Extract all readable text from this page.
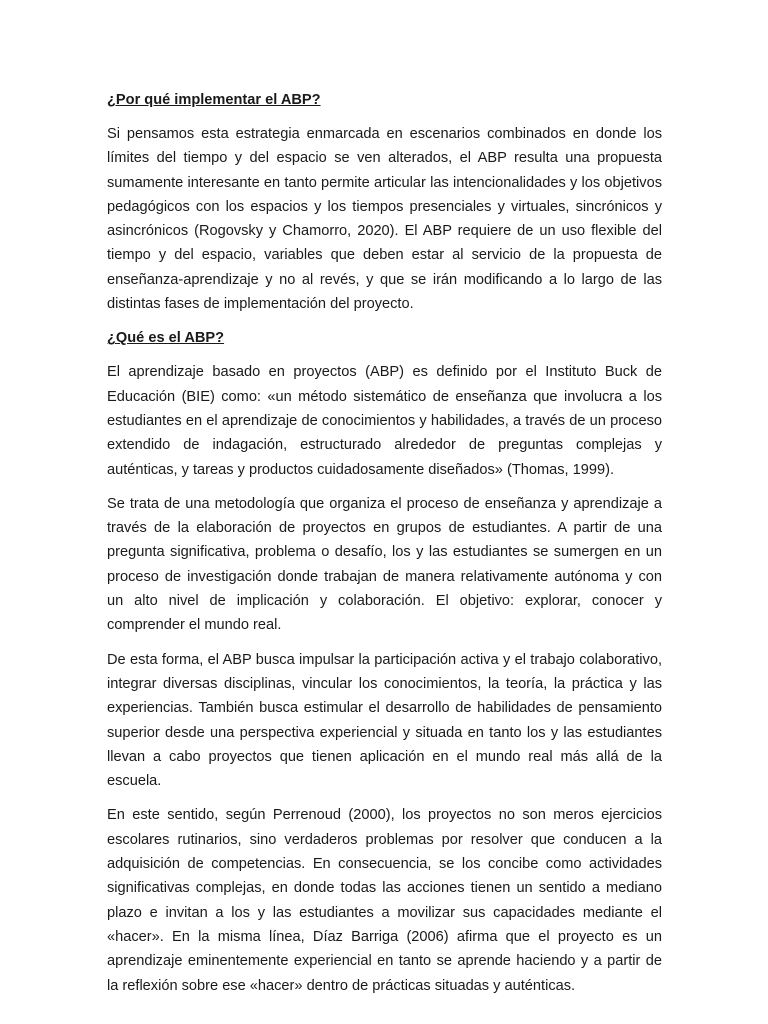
¿Por qué implementar el ABP?

Si pensamos esta estrategia enmarcada en escenarios combinados en donde los límites del tiempo y del espacio se ven alterados, el ABP resulta una propuesta sumamente interesante en tanto permite articular las intencionalidades y los objetivos pedagógicos con los espacios y los tiempos presenciales y virtuales, sincrónicos y asincrónicos (Rogovsky y Chamorro, 2020). El ABP requiere de un uso flexible del tiempo y del espacio, variables que deben estar al servicio de la propuesta de enseñanza-aprendizaje y no al revés, y que se irán modificando a lo largo de las distintas fases de implementación del proyecto.

¿Qué es el ABP?

El aprendizaje basado en proyectos (ABP) es definido por el Instituto Buck de Educación (BIE) como: «un método sistemático de enseñanza que involucra a los estudiantes en el aprendizaje de conocimientos y habilidades, a través de un proceso extendido de indagación, estructurado alrededor de preguntas complejas y auténticas, y tareas y productos cuidadosamente diseñados» (Thomas, 1999).

Se trata de una metodología que organiza el proceso de enseñanza y aprendizaje a través de la elaboración de proyectos en grupos de estudiantes. A partir de una pregunta significativa, problema o desafío, los y las estudiantes se sumergen en un proceso de investigación donde trabajan de manera relativamente autónoma y con un alto nivel de implicación y colaboración. El objetivo: explorar, conocer y comprender el mundo real.

De esta forma, el ABP busca impulsar la participación activa y el trabajo colaborativo, integrar diversas disciplinas, vincular los conocimientos, la teoría, la práctica y las experiencias. También busca estimular el desarrollo de habilidades de pensamiento superior desde una perspectiva experiencial y situada en tanto los y las estudiantes llevan a cabo proyectos que tienen aplicación en el mundo real más allá de la escuela.

En este sentido, según Perrenoud (2000), los proyectos no son meros ejercicios escolares rutinarios, sino verdaderos problemas por resolver que conducen a la adquisición de competencias. En consecuencia, se los concibe como actividades significativas complejas, en donde todas las acciones tienen un sentido a mediano plazo e invitan a los y las estudiantes a movilizar sus capacidades mediante el «hacer». En la misma línea, Díaz Barriga (2006) afirma que el proyecto es un aprendizaje eminentemente experiencial en tanto se aprende haciendo y a partir de la reflexión sobre ese «hacer» dentro de prácticas situadas y auténticas.
